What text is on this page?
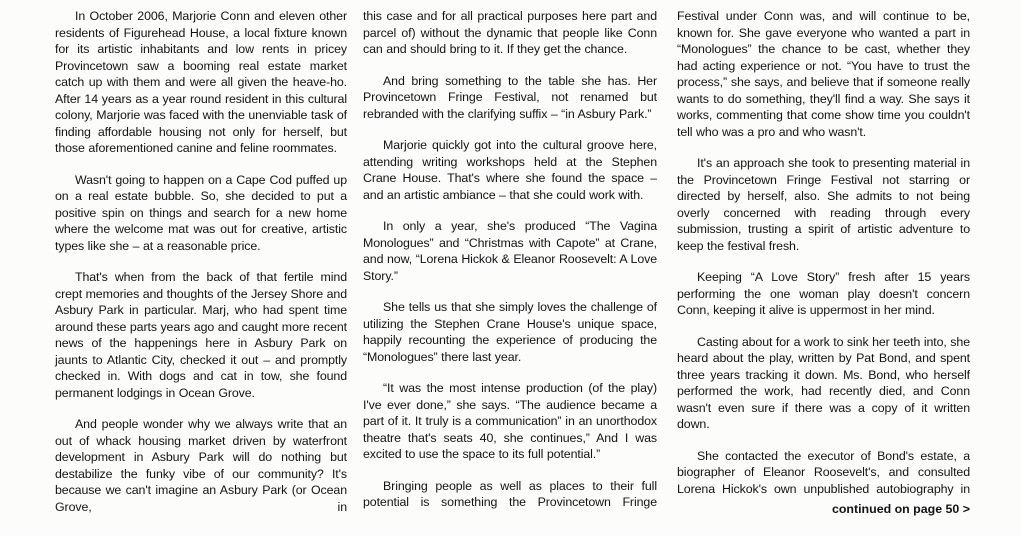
In October 2006, Marjorie Conn and eleven other residents of Figurehead House, a local fixture known for its artistic inhabitants and low rents in pricey Provincetown saw a booming real estate market catch up with them and were all given the heave-ho. After 14 years as a year round resident in this cultural colony, Marjorie was faced with the unenviable task of finding affordable housing not only for herself, but those aforementioned canine and feline roommates.

Wasn't going to happen on a Cape Cod puffed up on a real estate bubble. So, she decided to put a positive spin on things and search for a new home where the welcome mat was out for creative, artistic types like she – at a reasonable price.

That's when from the back of that fertile mind crept memories and thoughts of the Jersey Shore and Asbury Park in particular. Marj, who had spent time around these parts years ago and caught more recent news of the happenings here in Asbury Park on jaunts to Atlantic City, checked it out – and promptly checked in. With dogs and cat in tow, she found permanent lodgings in Ocean Grove.

And people wonder why we always write that an out of whack housing market driven by waterfront development in Asbury Park will do nothing but destabilize the funky vibe of our community? It's because we can't imagine an Asbury Park (or Ocean Grove, in

this case and for all practical purposes here part and parcel of) without the dynamic that people like Conn can and should bring to it. If they get the chance.

And bring something to the table she has. Her Provincetown Fringe Festival, not renamed but rebranded with the clarifying suffix – “in Asbury Park.”

Marjorie quickly got into the cultural groove here, attending writing workshops held at the Stephen Crane House. That's where she found the space – and an artistic ambiance – that she could work with.

In only a year, she's produced “The Vagina Monologues” and “Christmas with Capote” at Crane, and now, “Lorena Hickok & Eleanor Roosevelt: A Love Story.”

She tells us that she simply loves the challenge of utilizing the Stephen Crane House's unique space, happily recounting the experience of producing the “Monologues” there last year.

“It was the most intense production (of the play) I've ever done,” she says. “The audience became a part of it. It truly is a communication” in an unorthodox theatre that's seats 40, she continues,” And I was excited to use the space to its full potential.”

Bringing people as well as places to their full potential is something the Provincetown Fringe

Festival under Conn was, and will continue to be, known for. She gave everyone who wanted a part in “Monologues” the chance to be cast, whether they had acting experience or not. “You have to trust the process,” she says, and believe that if someone really wants to do something, they'll find a way. She says it works, commenting that come show time you couldn't tell who was a pro and who wasn't.

It's an approach she took to presenting material in the Provincetown Fringe Festival not starring or directed by herself, also. She admits to not being overly concerned with reading through every submission, trusting a spirit of artistic adventure to keep the festival fresh.

Keeping “A Love Story” fresh after 15 years performing the one woman play doesn't concern Conn, keeping it alive is uppermost in her mind.

Casting about for a work to sink her teeth into, she heard about the play, written by Pat Bond, and spent three years tracking it down. Ms. Bond, who herself performed the work, had recently died, and Conn wasn't even sure if there was a copy of it written down.

She contacted the executor of Bond's estate, a biographer of Eleanor Roosevelt's, and consulted Lorena Hickok's own unpublished autobiography in

continued on page 50 >
